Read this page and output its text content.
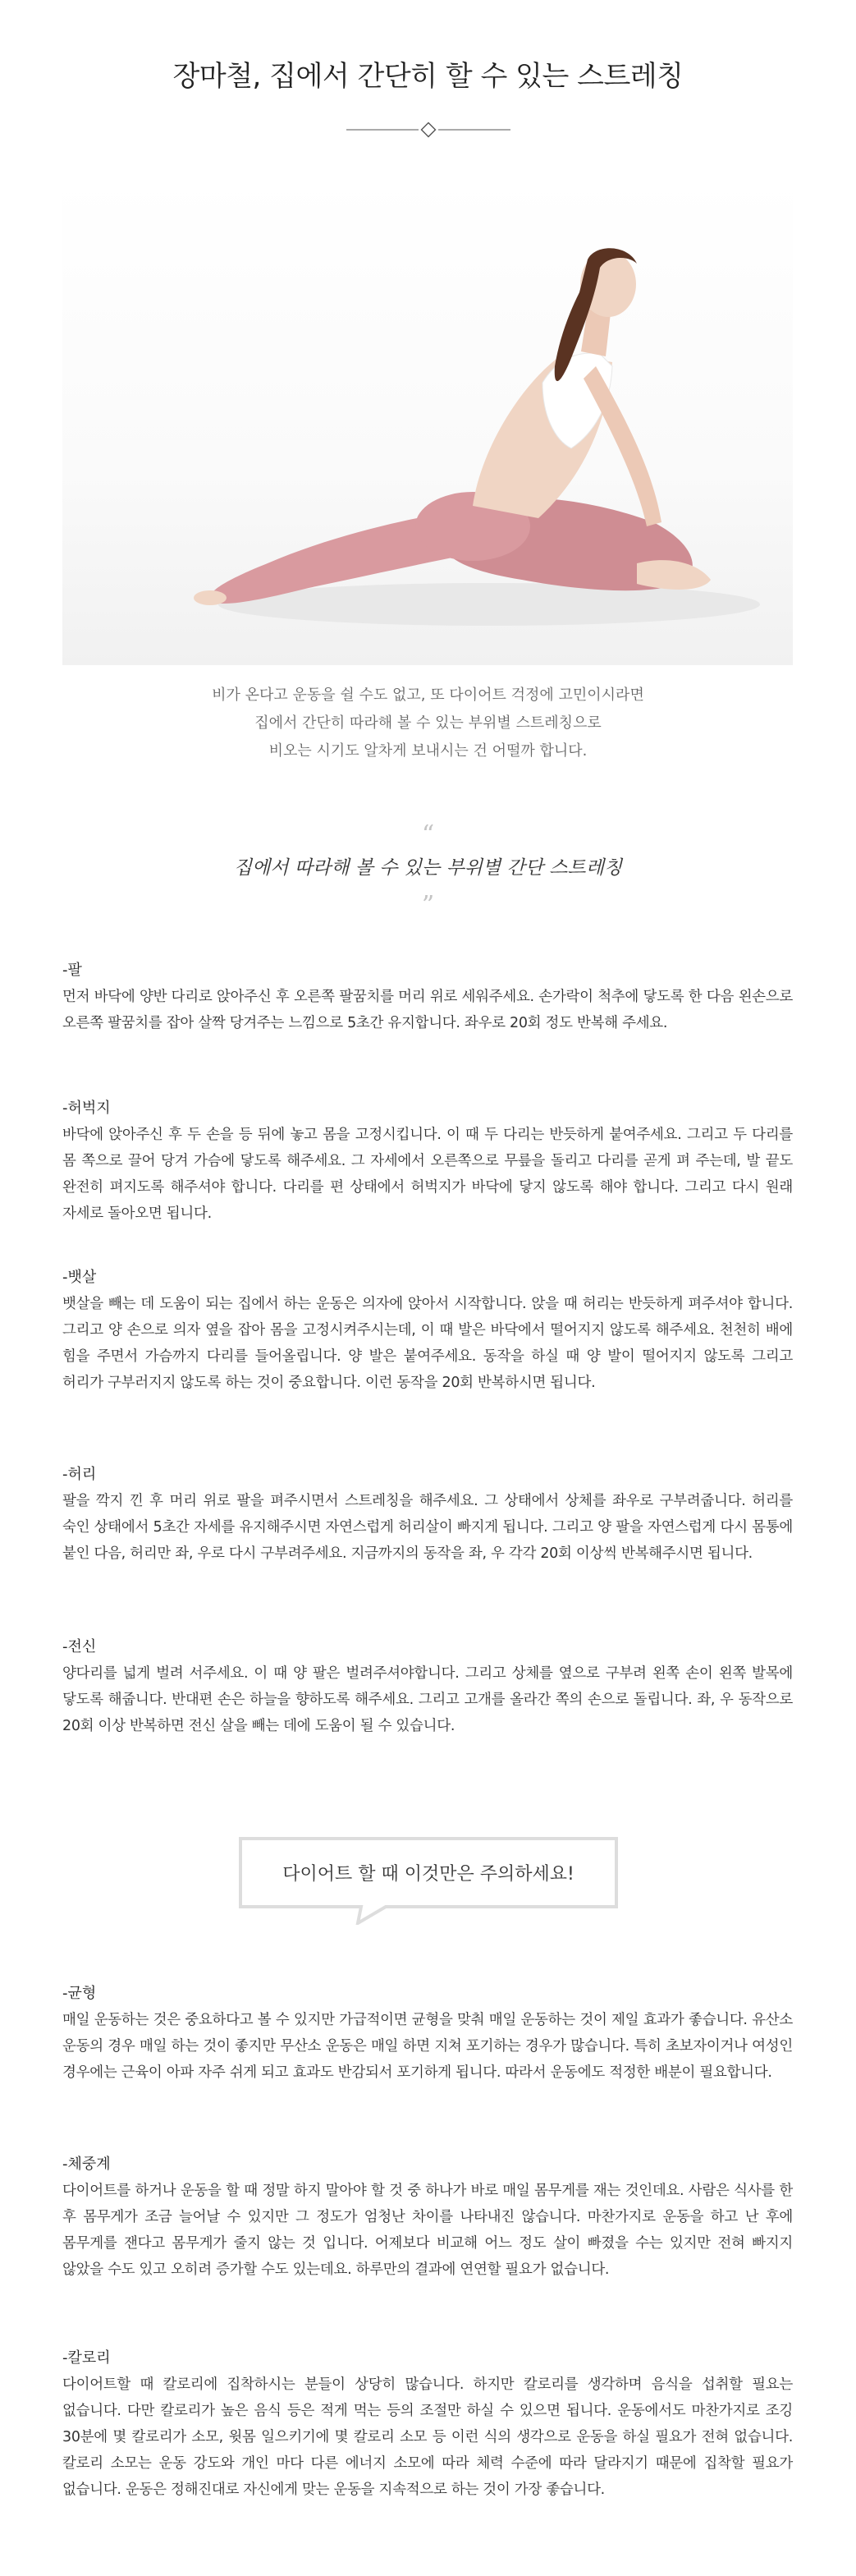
장마철, 집에서 간단히 할 수 있는 스트레칭
비가 온다고 운동을 쉴 수도 없고, 또 다이어트 걱정에 고민이시라면
집에서 간단히 따라해 볼 수 있는 부위별 스트레칭으로
비오는 시기도 알차게 보내시는 건 어떨까 합니다.
“
집에서 따라해 볼 수 있는 부위별 간단 스트레칭
”
-팔
먼저 바닥에 양반 다리로 앉아주신 후 오른쪽 팔꿈치를 머리 위로 세워주세요. 손가락이 척추에 닿도록 한 다음 왼손으로 오른쪽 팔꿈치를 잡아 살짝 당겨주는 느낌으로 5초간 유지합니다. 좌우로 20회 정도 반복해 주세요.
-허벅지
바닥에 앉아주신 후 두 손을 등 뒤에 놓고 몸을 고정시킵니다. 이 때 두 다리는 반듯하게 붙여주세요. 그리고 두 다리를 몸 쪽으로 끌어 당겨 가슴에 닿도록 해주세요. 그 자세에서 오른쪽으로 무릎을 돌리고 다리를 곧게 펴 주는데, 발 끝도 완전히 펴지도록 해주셔야 합니다. 다리를 편 상태에서 허벅지가 바닥에 닿지 않도록 해야 합니다. 그리고 다시 원래 자세로 돌아오면 됩니다.
-뱃살
뱃살을 빼는 데 도움이 되는 집에서 하는 운동은 의자에 앉아서 시작합니다. 앉을 때 허리는 반듯하게 펴주셔야 합니다. 그리고 양 손으로 의자 옆을 잡아 몸을 고정시켜주시는데, 이 때 발은 바닥에서 떨어지지 않도록 해주세요. 천천히 배에 힘을 주면서 가슴까지 다리를 들어올립니다. 양 발은 붙여주세요. 동작을 하실 때 양 발이 떨어지지 않도록 그리고 허리가 구부러지지 않도록 하는 것이 중요합니다. 이런 동작을 20회 반복하시면 됩니다.
-허리
팔을 깍지 낀 후 머리 위로 팔을 펴주시면서 스트레칭을 해주세요. 그 상태에서 상체를 좌우로 구부려줍니다. 허리를 숙인 상태에서 5초간 자세를 유지해주시면 자연스럽게 허리살이 빠지게 됩니다. 그리고 양 팔을 자연스럽게 다시 몸통에 붙인 다음, 허리만 좌, 우로 다시 구부려주세요. 지금까지의 동작을 좌, 우 각각 20회 이상씩 반복해주시면 됩니다.
-전신
양다리를 넓게 벌려 서주세요. 이 때 양 팔은 벌려주셔야합니다. 그리고 상체를 옆으로 구부려 왼쪽 손이 왼쪽 발목에 닿도록 해줍니다. 반대편 손은 하늘을 향하도록 해주세요. 그리고 고개를 올라간 쪽의 손으로 돌립니다. 좌, 우 동작으로 20회 이상 반복하면 전신 살을 빼는 데에 도움이 될 수 있습니다.
다이어트 할 때 이것만은 주의하세요!
-균형
매일 운동하는 것은 중요하다고 볼 수 있지만 가급적이면 균형을 맞춰 매일 운동하는 것이 제일 효과가 좋습니다. 유산소 운동의 경우 매일 하는 것이 좋지만 무산소 운동은 매일 하면 지쳐 포기하는 경우가 많습니다. 특히 초보자이거나 여성인 경우에는 근육이 아파 자주 쉬게 되고 효과도 반감되서 포기하게 됩니다. 따라서 운동에도 적정한 배분이 필요합니다.
-체중계
다이어트를 하거나 운동을 할 때 정말 하지 말아야 할 것 중 하나가 바로 매일 몸무게를 재는 것인데요. 사람은 식사를 한 후 몸무게가 조금 늘어날 수 있지만 그 정도가 엄청난 차이를 나타내진 않습니다. 마찬가지로 운동을 하고 난 후에 몸무게를 잰다고 몸무게가 줄지 않는 것 입니다. 어제보다 비교해 어느 정도 살이 빠졌을 수는 있지만 전혀 빠지지 않았을 수도 있고 오히려 증가할 수도 있는데요. 하루만의 결과에 연연할 필요가 없습니다.
-칼로리
다이어트할 때 칼로리에 집착하시는 분들이 상당히 많습니다. 하지만 칼로리를 생각하며 음식을 섭취할 필요는 없습니다. 다만 칼로리가 높은 음식 등은 적게 먹는 등의 조절만 하실 수 있으면 됩니다. 운동에서도 마찬가지로 조깅 30분에 몇 칼로리가 소모, 윗몸 일으키기에 몇 칼로리 소모 등 이런 식의 생각으로 운동을 하실 필요가 전혀 없습니다. 칼로리 소모는 운동 강도와 개인 마다 다른 에너지 소모에 따라 체력 수준에 따라 달라지기 때문에 집착할 필요가 없습니다. 운동은 정해진대로 자신에게 맞는 운동을 지속적으로 하는 것이 가장 좋습니다.
